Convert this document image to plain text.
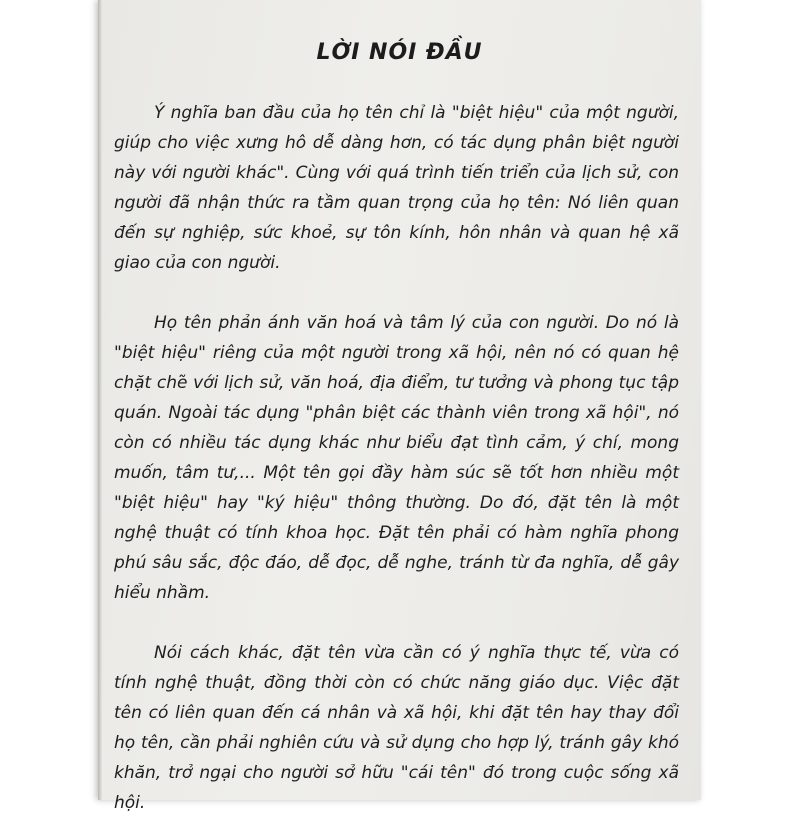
LỜI NÓI ĐẦU

Ý nghĩa ban đầu của họ tên chỉ là "biệt hiệu" của một người, giúp cho việc xưng hô dễ dàng hơn, có tác dụng phân biệt người này với người khác". Cùng với quá trình tiến triển của lịch sử, con người đã nhận thức ra tầm quan trọng của họ tên: Nó liên quan đến sự nghiệp, sức khoẻ, sự tôn kính, hôn nhân và quan hệ xã giao của con người.

Họ tên phản ánh văn hoá và tâm lý của con người. Do nó là "biệt hiệu" riêng của một người trong xã hội, nên nó có quan hệ chặt chẽ với lịch sử, văn hoá, địa điểm, tư tưởng và phong tục tập quán. Ngoài tác dụng "phân biệt các thành viên trong xã hội", nó còn có nhiều tác dụng khác như biểu đạt tình cảm, ý chí, mong muốn, tâm tư,... Một tên gọi đầy hàm súc sẽ tốt hơn nhiều một "biệt hiệu" hay "ký hiệu" thông thường. Do đó, đặt tên là một nghệ thuật có tính khoa học. Đặt tên phải có hàm nghĩa phong phú sâu sắc, độc đáo, dễ đọc, dễ nghe, tránh từ đa nghĩa, dễ gây hiểu nhầm.

Nói cách khác, đặt tên vừa cần có ý nghĩa thực tế, vừa có tính nghệ thuật, đồng thời còn có chức năng giáo dục. Việc đặt tên có liên quan đến cá nhân và xã hội, khi đặt tên hay thay đổi họ tên, cần phải nghiên cứu và sử dụng cho hợp lý, tránh gây khó khăn, trở ngại cho người sở hữu "cái tên" đó trong cuộc sống xã hội.
